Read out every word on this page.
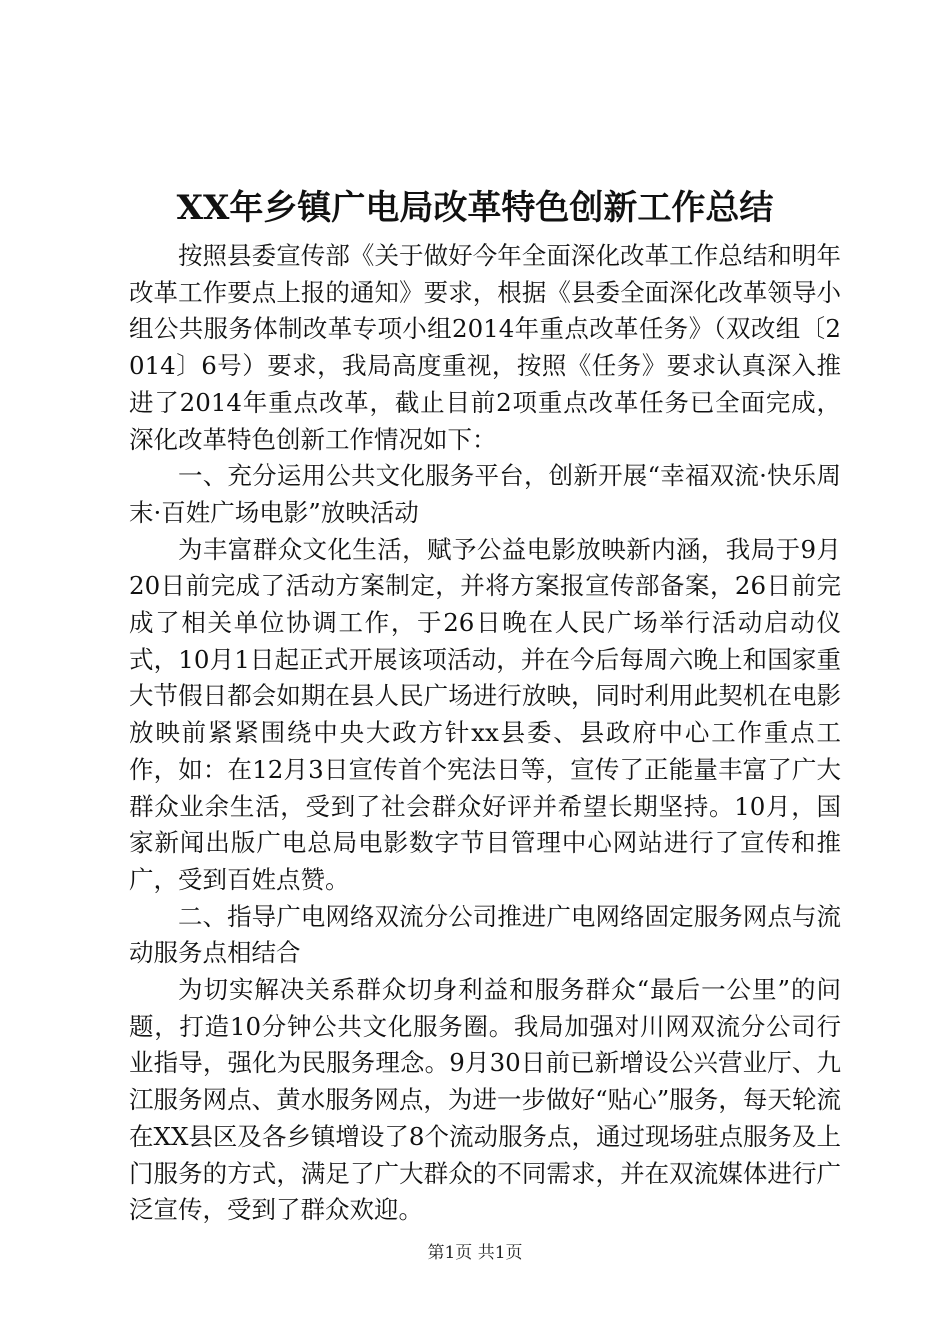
XX年乡镇广电局改革特色创新工作总结

按照县委宣传部《关于做好今年全面深化改革工作总结和明年改革工作要点上报的通知》要求，根据《县委全面深化改革领导小组公共服务体制改革专项小组2014年重点改革任务》（双改组〔2014〕6号）要求，我局高度重视，按照《任务》要求认真深入推进了2014年重点改革，截止目前2项重点改革任务已全面完成，深化改革特色创新工作情况如下：

一、充分运用公共文化服务平台，创新开展“幸福双流·快乐周末·百姓广场电影”放映活动

为丰富群众文化生活，赋予公益电影放映新内涵，我局于9月20日前完成了活动方案制定，并将方案报宣传部备案，26日前完成了相关单位协调工作，于26日晚在人民广场举行活动启动仪式，10月1日起正式开展该项活动，并在今后每周六晚上和国家重大节假日都会如期在县人民广场进行放映，同时利用此契机在电影放映前紧紧围绕中央大政方针xx县委、县政府中心工作重点工作，如：在12月3日宣传首个宪法日等，宣传了正能量丰富了广大群众业余生活，受到了社会群众好评并希望长期坚持。10月，国家新闻出版广电总局电影数字节目管理中心网站进行了宣传和推广，受到百姓点赞。

二、指导广电网络双流分公司推进广电网络固定服务网点与流动服务点相结合

为切实解决关系群众切身利益和服务群众“最后一公里”的问题，打造10分钟公共文化服务圈。我局加强对川网双流分公司行业指导，强化为民服务理念。9月30日前已新增设公兴营业厅、九江服务网点、黄水服务网点，为进一步做好“贴心”服务，每天轮流在XX县区及各乡镇增设了8个流动服务点，通过现场驻点服务及上门服务的方式，满足了广大群众的不同需求，并在双流媒体进行广泛宣传，受到了群众欢迎。

第1页 共1页
